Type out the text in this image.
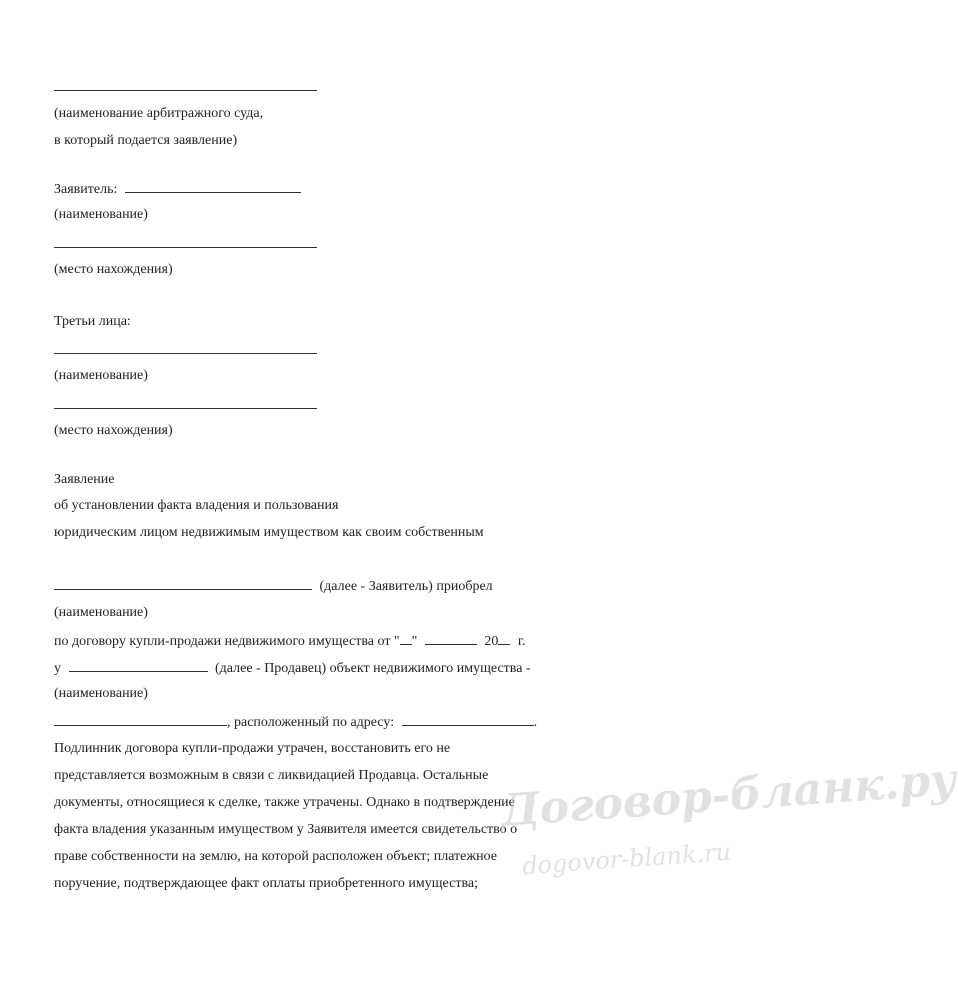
(наименование арбитражного суда,
в который подается заявление)
Заявитель:
(наименование)
(место нахождения)
Третьи лица:
(наименование)
(место нахождения)
Заявление
об установлении факта владения и пользования
юридическим лицом недвижимым имуществом как своим собственным
(далее - Заявитель) приобрел
(наименование)
по договору купли-продажи недвижимого имущества от " "	20 г.
у	(далее - Продавец) объект недвижимого имущества -
(наименование)
, расположенный по адресу:	.
Подлинник договора купли-продажи утрачен, восстановить его не
представляется возможным в связи с ликвидацией Продавца. Остальные
документы, относящиеся к сделке, также утрачены. Однако в подтверждение
факта владения указанным имуществом у Заявителя имеется свидетельство о
праве собственности на землю, на которой расположен объект; платежное
поручение, подтверждающее факт оплаты приобретенного имущества;
Договор-бланк.ру
dogovor-blank.ru
